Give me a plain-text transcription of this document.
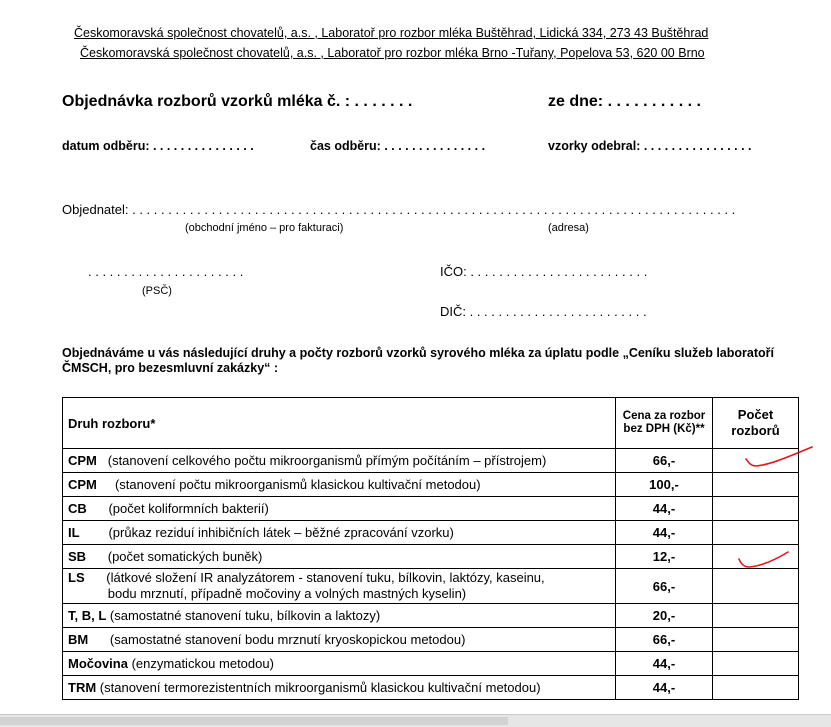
Českomoravská společnost chovatelů, a.s. , Laboratoř pro rozbor mléka Buštěhrad, Lidická 334, 273 43 Buštěhrad
Českomoravská společnost chovatelů, a.s. , Laboratoř pro rozbor mléka Brno -Tuřany, Popelova 53, 620 00 Brno
Objednávka rozborů vzorků mléka č. : . . . . . . .	ze dne: . . . . . . . . . . .
datum odběru: . . . . . . . . . . . . . . .	čas odběru: . . . . . . . . . . . . . . .	vzorky odebral: . . . . . . . . . . . . . . . .
Objednatel: . . . . . . . . . . . . . . . . . . . . . . . . . . . . . . . . . . . . . . . . . . . . . . . . . . . . . . . . . . . . . . . . . . . . . . . . . . . . . . . . . . . .
(obchodní jméno – pro fakturaci)	(adresa)
. . . . . . . . . . . . . . . . . . . . . .
(PSČ)
IČO: . . . . . . . . . . . . . . . . . . . . . . . . .
DIČ: . . . . . . . . . . . . . . . . . . . . . . . . .
Objednáváme u vás následující druhy a počty rozborů vzorků syrového mléka za úplatu podle „Ceníku služeb laboratoří ČMSCH, pro bezesmluvní zakázky“ :
Druh rozboru*	Cena za rozbor bez DPH (Kč)**	Počet
rozborů
CPM (stanovení celkového počtu mikroorganismů přímým počítáním – přístrojem)	66,-	
CPM (stanovení počtu mikroorganismů klasickou kultivační metodou)	100,-	
CB (počet koliformních bakterií)	44,-	
IL (průkaz reziduí inhibičních látek – běžné zpracování vzorku)	44,-	
SB (počet somatických buněk)	12,-	
LS (látkové složení IR analyzátorem - stanovení tuku, bílkovin, laktózy, kaseinu,
bodu mrznutí, případně močoviny a volných mastných kyselin)	66,-	
T, B, L (samostatné stanovení tuku, bílkovin a laktozy)	20,-	
BM (samostatné stanovení bodu mrznutí kryoskopickou metodou)	66,-	
Močovina (enzymatickou metodou)	44,-	
TRM (stanovení termorezistentních mikroorganismů klasickou kultivační metodou)	44,-	
